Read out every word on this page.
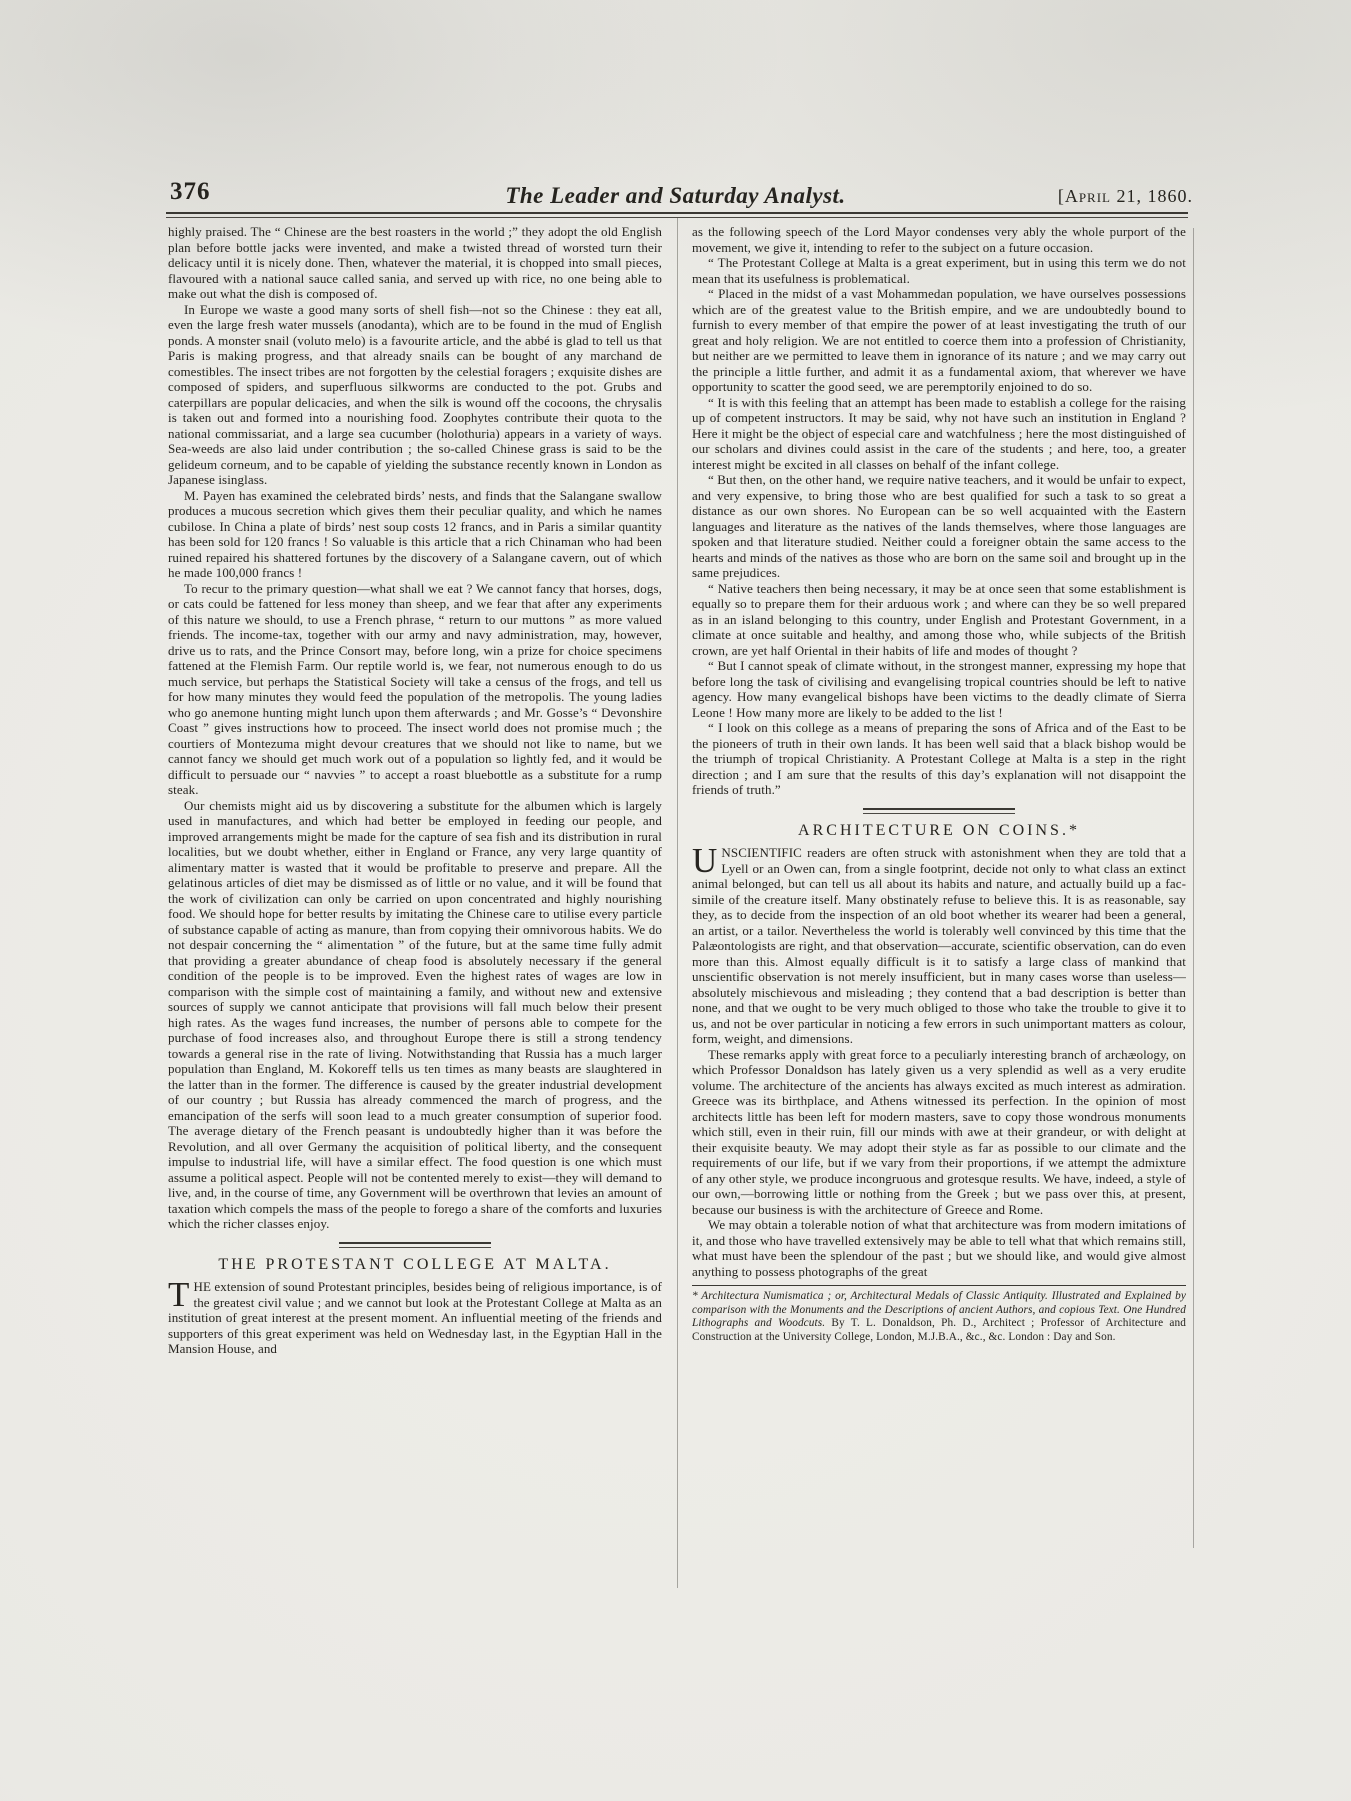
376	The Leader and Saturday Analyst.	[April 21, 1860.

highly praised. The “ Chinese are the best roasters in the world ;” they adopt the old English plan before bottle jacks were invented, and make a twisted thread of worsted turn their delicacy until it is nicely done. Then, whatever the material, it is chopped into small pieces, flavoured with a national sauce called sania, and served up with rice, no one being able to make out what the dish is composed of.

In Europe we waste a good many sorts of shell fish—not so the Chinese : they eat all, even the large fresh water mussels (anodanta), which are to be found in the mud of English ponds. A monster snail (voluto melo) is a favourite article, and the abbé is glad to tell us that Paris is making progress, and that already snails can be bought of any marchand de comestibles. The insect tribes are not forgotten by the celestial foragers ; exquisite dishes are composed of spiders, and superfluous silkworms are conducted to the pot. Grubs and caterpillars are popular delicacies, and when the silk is wound off the cocoons, the chrysalis is taken out and formed into a nourishing food. Zoophytes contribute their quota to the national commissariat, and a large sea cucumber (holothuria) appears in a variety of ways. Sea-weeds are also laid under contribution ; the so-called Chinese grass is said to be the gelideum corneum, and to be capable of yielding the substance recently known in London as Japanese isinglass.

M. Payen has examined the celebrated birds’ nests, and finds that the Salangane swallow produces a mucous secretion which gives them their peculiar quality, and which he names cubilose. In China a plate of birds’ nest soup costs 12 francs, and in Paris a similar quantity has been sold for 120 francs ! So valuable is this article that a rich Chinaman who had been ruined repaired his shattered fortunes by the discovery of a Salangane cavern, out of which he made 100,000 francs !

To recur to the primary question—what shall we eat ? We cannot fancy that horses, dogs, or cats could be fattened for less money than sheep, and we fear that after any experiments of this nature we should, to use a French phrase, “ return to our muttons ” as more valued friends. The income-tax, together with our army and navy administration, may, however, drive us to rats, and the Prince Consort may, before long, win a prize for choice specimens fattened at the Flemish Farm. Our reptile world is, we fear, not numerous enough to do us much service, but perhaps the Statistical Society will take a census of the frogs, and tell us for how many minutes they would feed the population of the metropolis. The young ladies who go anemone hunting might lunch upon them afterwards ; and Mr. Gosse’s “ Devonshire Coast ” gives instructions how to proceed. The insect world does not promise much ; the courtiers of Montezuma might devour creatures that we should not like to name, but we cannot fancy we should get much work out of a population so lightly fed, and it would be difficult to persuade our “ navvies ” to accept a roast bluebottle as a substitute for a rump steak.

Our chemists might aid us by discovering a substitute for the albumen which is largely used in manufactures, and which had better be employed in feeding our people, and improved arrangements might be made for the capture of sea fish and its distribution in rural localities, but we doubt whether, either in England or France, any very large quantity of alimentary matter is wasted that it would be profitable to preserve and prepare. All the gelatinous articles of diet may be dismissed as of little or no value, and it will be found that the work of civilization can only be carried on upon concentrated and highly nourishing food. We should hope for better results by imitating the Chinese care to utilise every particle of substance capable of acting as manure, than from copying their omnivorous habits. We do not despair concerning the “ alimentation ” of the future, but at the same time fully admit that providing a greater abundance of cheap food is absolutely necessary if the general condition of the people is to be improved. Even the highest rates of wages are low in comparison with the simple cost of maintaining a family, and without new and extensive sources of supply we cannot anticipate that provisions will fall much below their present high rates. As the wages fund increases, the number of persons able to compete for the purchase of food increases also, and throughout Europe there is still a strong tendency towards a general rise in the rate of living. Notwithstanding that Russia has a much larger population than England, M. Kokoreff tells us ten times as many beasts are slaughtered in the latter than in the former. The difference is caused by the greater industrial development of our country ; but Russia has already commenced the march of progress, and the emancipation of the serfs will soon lead to a much greater consumption of superior food. The average dietary of the French peasant is undoubtedly higher than it was before the Revolution, and all over Germany the acquisition of political liberty, and the consequent impulse to industrial life, will have a similar effect. The food question is one which must assume a political aspect. People will not be contented merely to exist—they will demand to live, and, in the course of time, any Government will be overthrown that levies an amount of taxation which compels the mass of the people to forego a share of the comforts and luxuries which the richer classes enjoy.

THE PROTESTANT COLLEGE AT MALTA.

THE extension of sound Protestant principles, besides being of religious importance, is of the greatest civil value ; and we cannot but look at the Protestant College at Malta as an institution of great interest at the present moment. An influential meeting of the friends and supporters of this great experiment was held on Wednesday last, in the Egyptian Hall in the Mansion House, and

as the following speech of the Lord Mayor condenses very ably the whole purport of the movement, we give it, intending to refer to the subject on a future occasion.

“ The Protestant College at Malta is a great experiment, but in using this term we do not mean that its usefulness is problematical.

“ Placed in the midst of a vast Mohammedan population, we have ourselves possessions which are of the greatest value to the British empire, and we are undoubtedly bound to furnish to every member of that empire the power of at least investigating the truth of our great and holy religion. We are not entitled to coerce them into a profession of Christianity, but neither are we permitted to leave them in ignorance of its nature ; and we may carry out the principle a little further, and admit it as a fundamental axiom, that wherever we have opportunity to scatter the good seed, we are peremptorily enjoined to do so.

“ It is with this feeling that an attempt has been made to establish a college for the raising up of competent instructors. It may be said, why not have such an institution in England ? Here it might be the object of especial care and watchfulness ; here the most distinguished of our scholars and divines could assist in the care of the students ; and here, too, a greater interest might be excited in all classes on behalf of the infant college.

“ But then, on the other hand, we require native teachers, and it would be unfair to expect, and very expensive, to bring those who are best qualified for such a task to so great a distance as our own shores. No European can be so well acquainted with the Eastern languages and literature as the natives of the lands themselves, where those languages are spoken and that literature studied. Neither could a foreigner obtain the same access to the hearts and minds of the natives as those who are born on the same soil and brought up in the same prejudices.

“ Native teachers then being necessary, it may be at once seen that some establishment is equally so to prepare them for their arduous work ; and where can they be so well prepared as in an island belonging to this country, under English and Protestant Government, in a climate at once suitable and healthy, and among those who, while subjects of the British crown, are yet half Oriental in their habits of life and modes of thought ?

“ But I cannot speak of climate without, in the strongest manner, expressing my hope that before long the task of civilising and evangelising tropical countries should be left to native agency. How many evangelical bishops have been victims to the deadly climate of Sierra Leone ! How many more are likely to be added to the list !

“ I look on this college as a means of preparing the sons of Africa and of the East to be the pioneers of truth in their own lands. It has been well said that a black bishop would be the triumph of tropical Christianity. A Protestant College at Malta is a step in the right direction ; and I am sure that the results of this day’s explanation will not disappoint the friends of truth.”

ARCHITECTURE ON COINS.*

UNSCIENTIFIC readers are often struck with astonishment when they are told that a Lyell or an Owen can, from a single footprint, decide not only to what class an extinct animal belonged, but can tell us all about its habits and nature, and actually build up a fac-simile of the creature itself. Many obstinately refuse to believe this. It is as reasonable, say they, as to decide from the inspection of an old boot whether its wearer had been a general, an artist, or a tailor. Nevertheless the world is tolerably well convinced by this time that the Palæontologists are right, and that observation—accurate, scientific observation, can do even more than this. Almost equally difficult is it to satisfy a large class of mankind that unscientific observation is not merely insufficient, but in many cases worse than useless— absolutely mischievous and misleading ; they contend that a bad description is better than none, and that we ought to be very much obliged to those who take the trouble to give it to us, and not be over particular in noticing a few errors in such unimportant matters as colour, form, weight, and dimensions.

These remarks apply with great force to a peculiarly interesting branch of archæology, on which Professor Donaldson has lately given us a very splendid as well as a very erudite volume. The architecture of the ancients has always excited as much interest as admiration. Greece was its birthplace, and Athens witnessed its perfection. In the opinion of most architects little has been left for modern masters, save to copy those wondrous monuments which still, even in their ruin, fill our minds with awe at their grandeur, or with delight at their exquisite beauty. We may adopt their style as far as possible to our climate and the requirements of our life, but if we vary from their proportions, if we attempt the admixture of any other style, we produce incongruous and grotesque results. We have, indeed, a style of our own,—borrowing little or nothing from the Greek ; but we pass over this, at present, because our business is with the architecture of Greece and Rome.

We may obtain a tolerable notion of what that architecture was from modern imitations of it, and those who have travelled extensively may be able to tell what that which remains still, what must have been the splendour of the past ; but we should like, and would give almost anything to possess photographs of the great

* Architectura Numismatica ; or, Architectural Medals of Classic Antiquity. Illustrated and Explained by comparison with the Monuments and the Descriptions of ancient Authors, and copious Text. One Hundred Lithographs and Woodcuts. By T. L. Donaldson, Ph. D., Architect ; Professor of Architecture and Construction at the University College, London, M.J.B.A., &c., &c. London : Day and Son.
